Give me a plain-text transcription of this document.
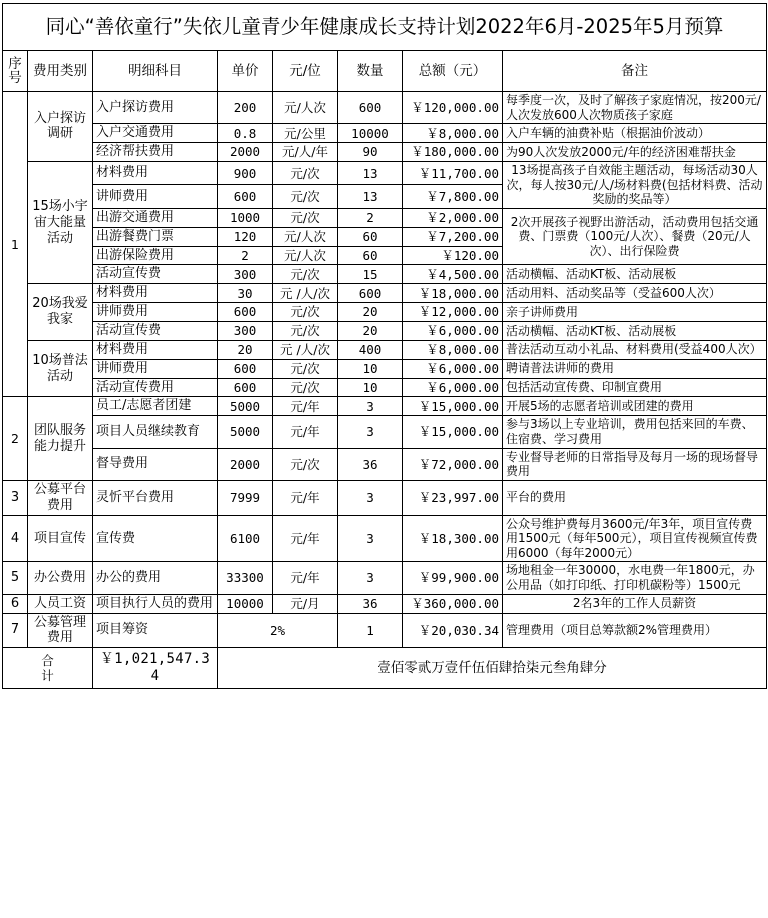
同心“善依童行”失依儿童青少年健康成长支持计划2022年6月-2025年5月预算							

序
号	费用类别	明细科目	单价	元/位	数量	总额（元）	备注
1	入户探访调研	入户探访费用	200	元/人次	600	￥120,000.00	每季度一次，及时了解孩子家庭情况，按200元/人次发放600人次物质孩子家庭
		入户交通费用	0.8	元/公里	10000	￥8,000.00	入户车辆的油费补贴（根据油价波动）
		经济帮扶费用	2000	元/人/年	90	￥180,000.00	为90人次发放2000元/年的经济困难帮扶金
	15场小宇宙大能量活动	材料费用	900	元/次	13	￥11,700.00	13场提高孩子自效能主题活动，每场活动30人次，每人按30元/人/场材料费(包括材料费、活动奖励的奖品等）
		讲师费用	600	元/次	13	￥7,800.00	
		出游交通费用	1000	元/次	2	￥2,000.00	2次开展孩子视野出游活动，活动费用包括交通费、门票费（100元/人次）、餐费（20元/人次）、出行保险费
		出游餐费门票	120	元/人次	60	￥7,200.00	
		出游保险费用	2	元/人次	60	￥120.00	
		活动宣传费	300	元/次	15	￥4,500.00	活动横幅、活动KT板、活动展板
	20场我爱我家	材料费用	30	元 /人/次	600	￥18,000.00	活动用料、活动奖品等（受益600人次）
		讲师费用	600	元/次	20	￥12,000.00	亲子讲师费用
		活动宣传费	300	元/次	20	￥6,000.00	活动横幅、活动KT板、活动展板
	10场普法活动	材料费用	20	元 /人/次	400	￥8,000.00	普法活动互动小礼品、材料费用(受益400人次）
		讲师费用	600	元/次	10	￥6,000.00	聘请普法讲师的费用
		活动宣传费用	600	元/次	10	￥6,000.00	包括活动宣传费、印制宣费用
2	团队服务能力提升	员工/志愿者团建	5000	元/年	3	￥15,000.00	开展5场的志愿者培训或团建的费用
		项目人员继续教育	5000	元/年	3	￥15,000.00	参与3场以上专业培训，费用包括来回的车费、住宿费、学习费用
		督导费用	2000	元/次	36	￥72,000.00	专业督导老师的日常指导及每月一场的现场督导费用
3	公募平台费用	灵忻平台费用	7999	元/年	3	￥23,997.00	平台的费用
4	项目宣传	宣传费	6100	元/年	3	￥18,300.00	公众号维护费每月3600元/年3年，项目宣传费用1500元（每年500元），项目宣传视频宣传费用6000（每年2000元）
5	办公费用	办公的费用	33300	元/年	3	￥99,900.00	场地租金一年30000，水电费一年1800元，办公用品（如打印纸、打印机碳粉等）1500元
6	人员工资	项目执行人员的费用	10000	元/月	36	￥360,000.00	2名3年的工作人员薪资
7	公募管理费用	项目筹资	2%		1	￥20,030.34	管理费用（项目总筹款额2%管理费用）

合
计		￥1,021,547.34	壹佰零贰万壹仟伍佰肆拾柒元叁角肆分				
